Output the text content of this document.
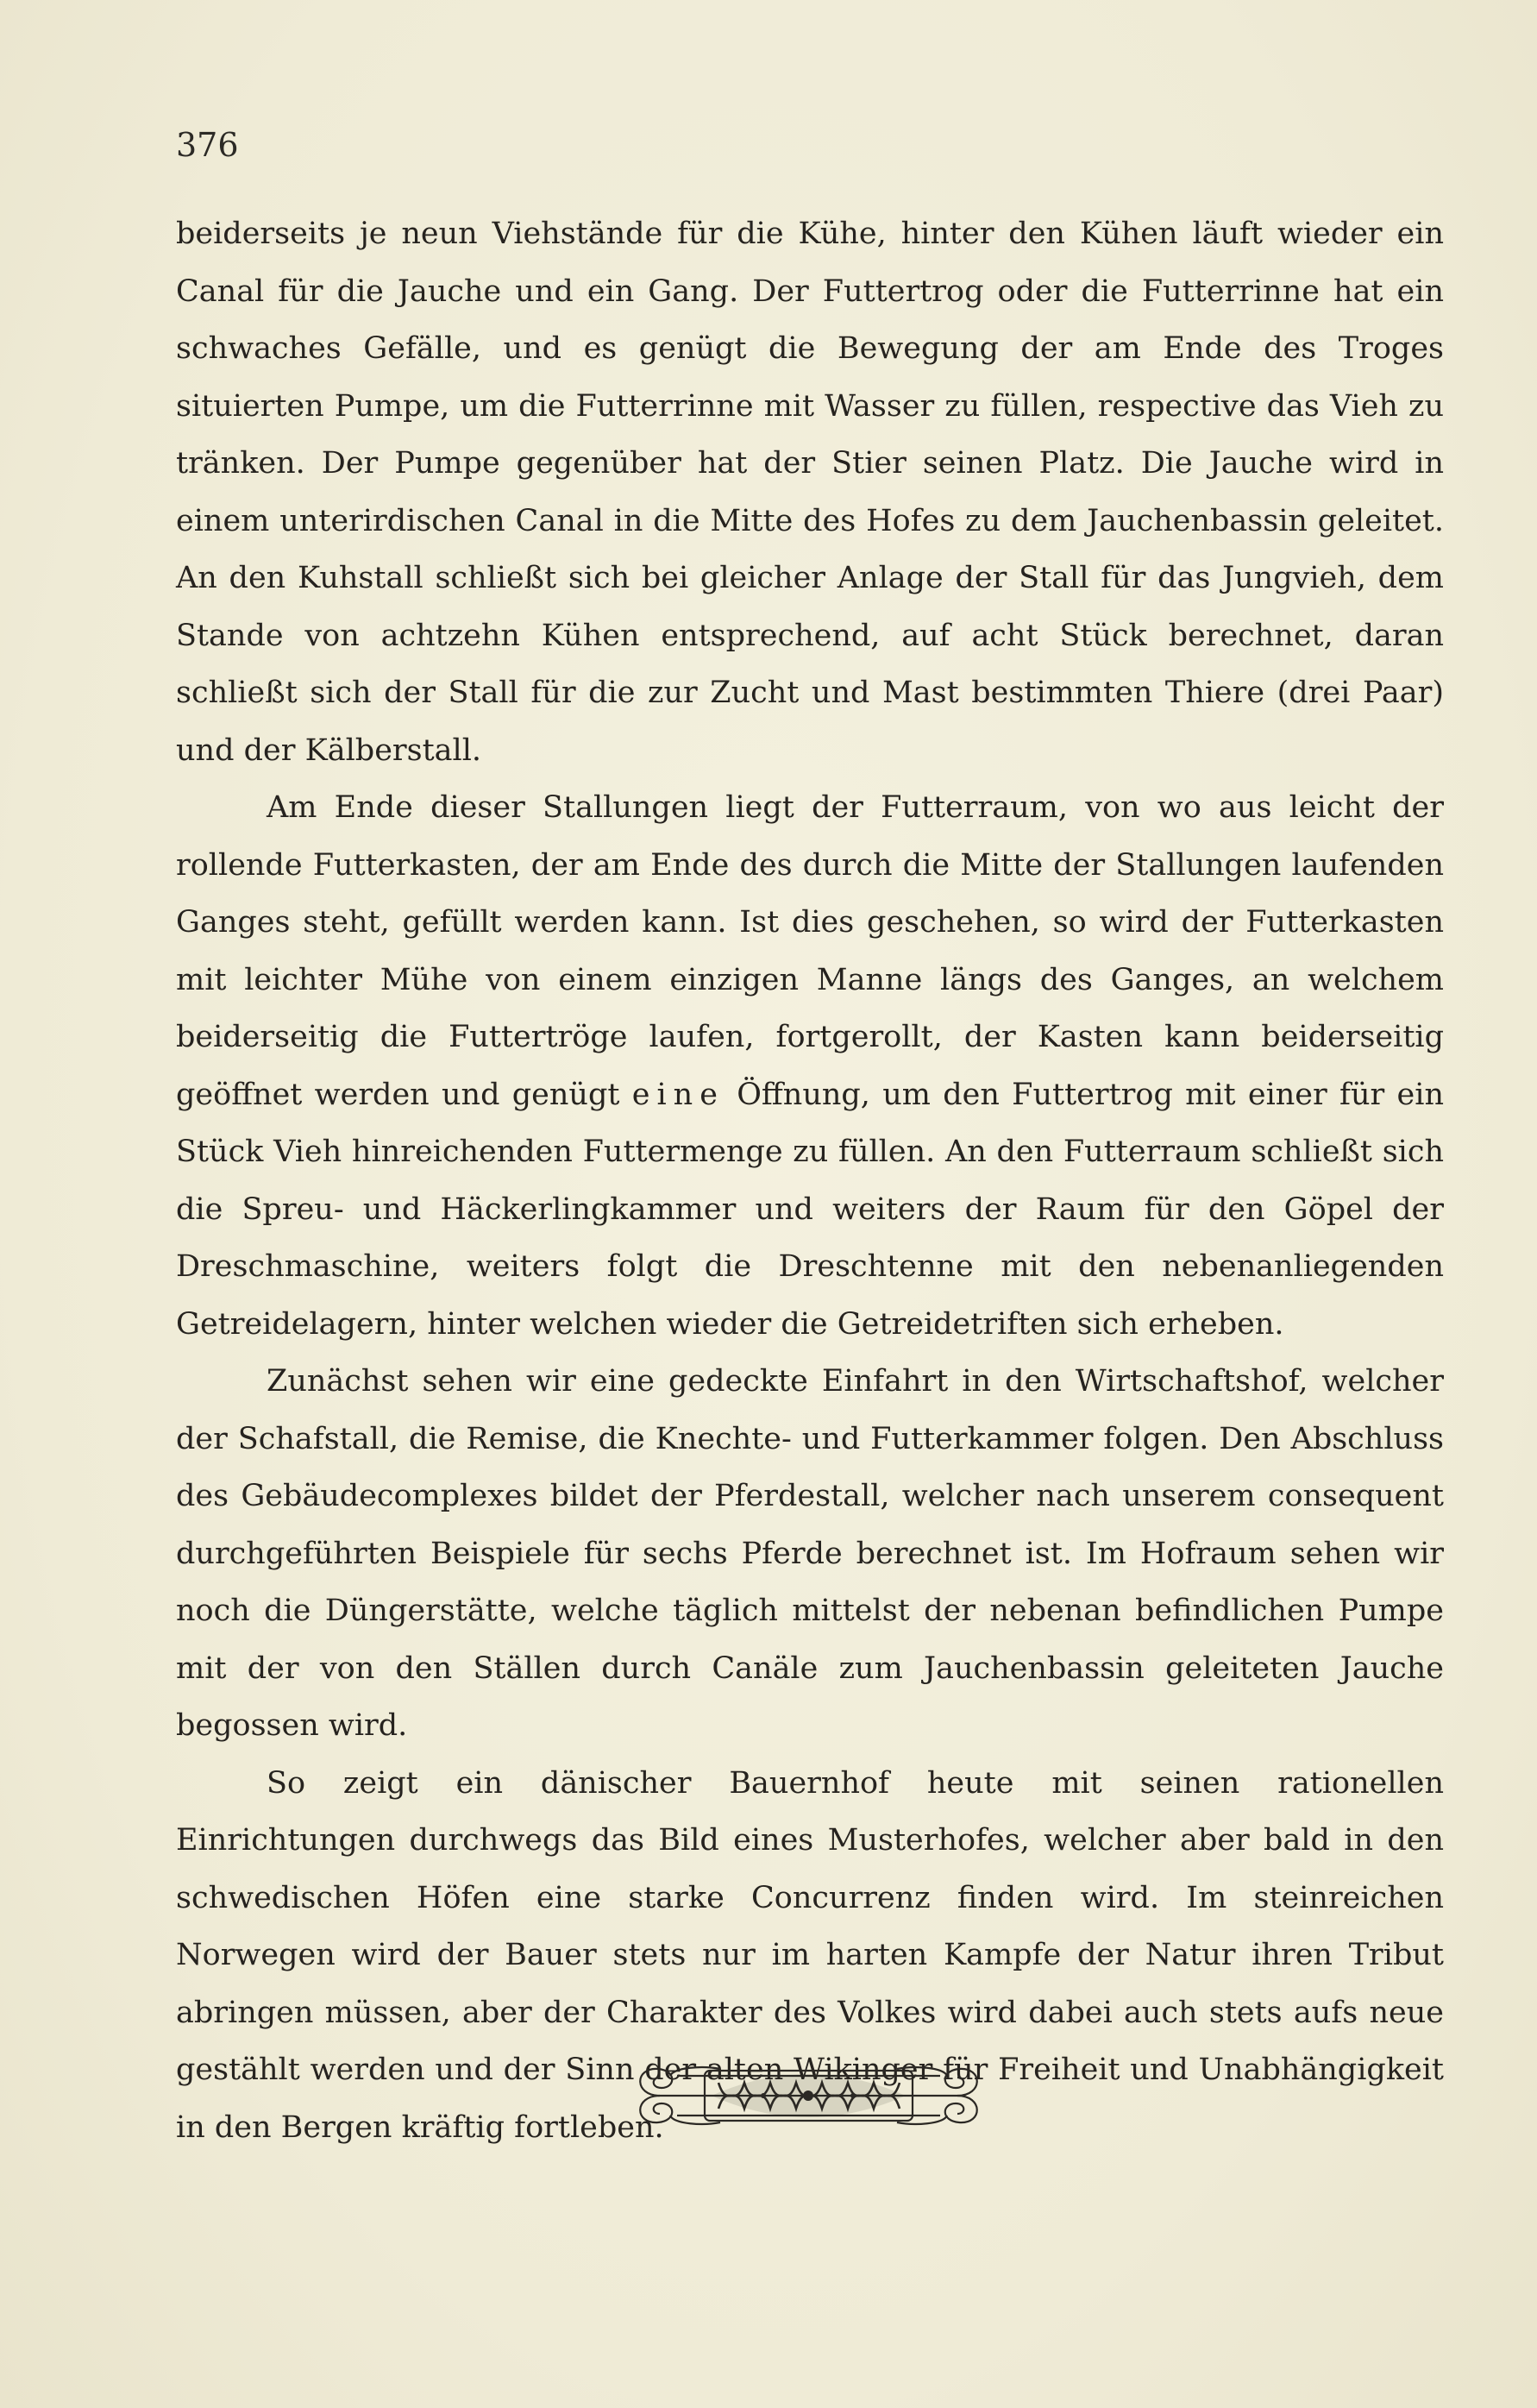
376

beiderseits je neun Viehstände für die Kühe, hinter den Kühen läuft wieder ein Canal für die Jauche und ein Gang. Der Futtertrog oder die Futterrinne hat ein schwaches Gefälle, und es genügt die Bewegung der am Ende des Troges situierten Pumpe, um die Futterrinne mit Wasser zu füllen, respective das Vieh zu tränken. Der Pumpe gegenüber hat der Stier seinen Platz. Die Jauche wird in einem unterirdischen Canal in die Mitte des Hofes zu dem Jauchenbassin geleitet. An den Kuhstall schließt sich bei gleicher Anlage der Stall für das Jungvieh, dem Stande von achtzehn Kühen entsprechend, auf acht Stück berechnet, daran schließt sich der Stall für die zur Zucht und Mast bestimmten Thiere (drei Paar) und der Kälberstall.

Am Ende dieser Stallungen liegt der Futterraum, von wo aus leicht der rollende Futterkasten, der am Ende des durch die Mitte der Stallungen laufenden Ganges steht, gefüllt werden kann. Ist dies geschehen, so wird der Futterkasten mit leichter Mühe von einem einzigen Manne längs des Ganges, an welchem beiderseitig die Futtertröge laufen, fortgerollt, der Kasten kann beiderseitig geöffnet werden und genügt eine Öffnung, um den Futtertrog mit einer für ein Stück Vieh hinreichenden Futtermenge zu füllen. An den Futterraum schließt sich die Spreu- und Häckerlingkammer und weiters der Raum für den Göpel der Dreschmaschine, weiters folgt die Dreschtenne mit den nebenanliegenden Getreidelagern, hinter welchen wieder die Getreidetriften sich erheben.

Zunächst sehen wir eine gedeckte Einfahrt in den Wirtschaftshof, welcher der Schafstall, die Remise, die Knechte- und Futterkammer folgen. Den Abschluss des Gebäudecomplexes bildet der Pferdestall, welcher nach unserem consequent durchgeführten Beispiele für sechs Pferde berechnet ist. Im Hofraum sehen wir noch die Düngerstätte, welche täglich mittelst der nebenan befindlichen Pumpe mit der von den Ställen durch Canäle zum Jauchenbassin geleiteten Jauche begossen wird.

So zeigt ein dänischer Bauernhof heute mit seinen rationellen Einrichtungen durchwegs das Bild eines Musterhofes, welcher aber bald in den schwedischen Höfen eine starke Concurrenz finden wird. Im steinreichen Norwegen wird der Bauer stets nur im harten Kampfe der Natur ihren Tribut abringen müssen, aber der Charakter des Volkes wird dabei auch stets aufs neue gestählt werden und der Sinn der alten Wikinger für Freiheit und Unabhängigkeit in den Bergen kräftig fortleben.
